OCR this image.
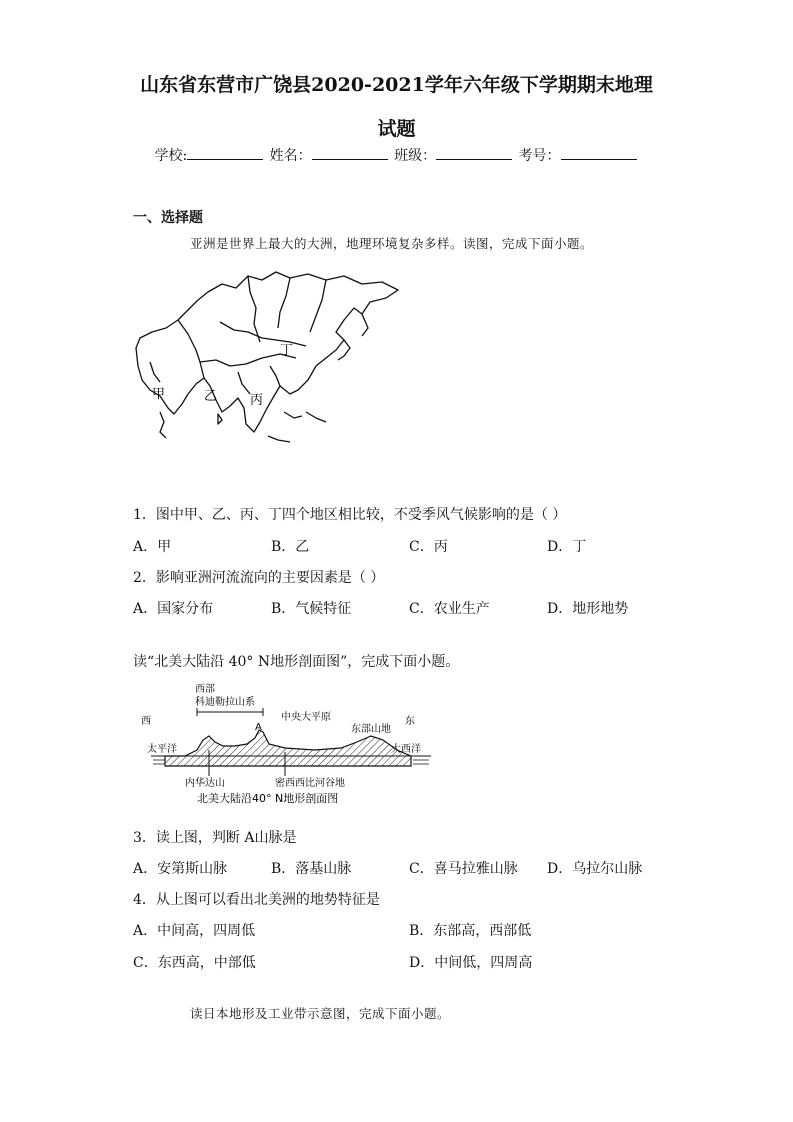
山东省东营市广饶县2020-2021学年六年级下学期期末地理
试题
学校:	姓名：	班级：	考号：
一、选择题
亚洲是世界上最大的大洲，地理环境复杂多样。读图，完成下面小题。
甲	乙	丙
丁
1．图中甲、乙、丙、丁四个地区相比较，不受季风气候影响的是（ ）
A．甲	B．乙	C．丙	D．丁
2．影响亚洲河流流向的主要因素是（ ）
A．国家分布	B．气候特征	C．农业生产	D．地形地势
读“北美大陆沿 40° N地形剖面图”，完成下面小题。
西部
科迪勒拉山系
西	东
A
中央大平原
东部山地
太平洋	大西洋
内华达山	密西西比河谷地
北美大陆沿40° N地形剖面图
3．读上图，判断 A山脉是
A．安第斯山脉	B．落基山脉	C．喜马拉雅山脉 D．乌拉尔山脉
4．从上图可以看出北美洲的地势特征是
A．中间高，四周低	B．东部高，西部低
C．东西高，中部低	D．中间低，四周高
读日本地形及工业带示意图，完成下面小题。
